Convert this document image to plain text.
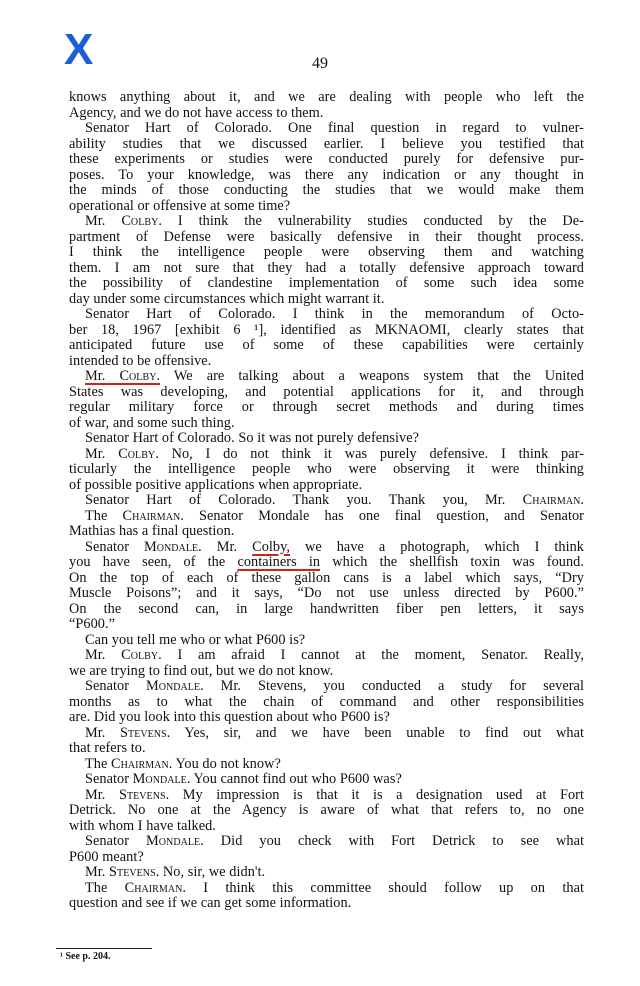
X	49
knows anything about it, and we are dealing with people who left the
Agency, and we do not have access to them.
Senator Hart of Colorado. One final question in regard to vulner-
ability studies that we discussed earlier. I believe you testified that
these experiments or studies were conducted purely for defensive pur-
poses. To your knowledge, was there any indication or any thought in
the minds of those conducting the studies that we would make them
operational or offensive at some time?
Mr. Colby. I think the vulnerability studies conducted by the De-
partment of Defense were basically defensive in their thought process.
I think the intelligence people were observing them and watching
them. I am not sure that they had a totally defensive approach toward
the possibility of clandestine implementation of some such idea some
day under some circumstances which might warrant it.
Senator Hart of Colorado. I think in the memorandum of Octo-
ber 18, 1967 [exhibit 6 ¹], identified as MKNAOMI, clearly states that
anticipated future use of some of these capabilities were certainly
intended to be offensive.
Mr. Colby. We are talking about a weapons system that the United
States was developing, and potential applications for it, and through
regular military force or through secret methods and during times
of war, and some such thing.
Senator Hart of Colorado. So it was not purely defensive?
Mr. Colby. No, I do not think it was purely defensive. I think par-
ticularly the intelligence people who were observing it were thinking
of possible positive applications when appropriate.
Senator Hart of Colorado. Thank you. Thank you, Mr. Chairman.
The Chairman. Senator Mondale has one final question, and Senator
Mathias has a final question.
Senator Mondale. Mr. Colby, we have a photograph, which I think
you have seen, of the containers in which the shellfish toxin was found.
On the top of each of these gallon cans is a label which says, “Dry
Muscle Poisons”; and it says, “Do not use unless directed by P600.”
On the second can, in large handwritten fiber pen letters, it says
“P600.”
Can you tell me who or what P600 is?
Mr. Colby. I am afraid I cannot at the moment, Senator. Really,
we are trying to find out, but we do not know.
Senator Mondale. Mr. Stevens, you conducted a study for several
months as to what the chain of command and other responsibilities
are. Did you look into this question about who P600 is?
Mr. Stevens. Yes, sir, and we have been unable to find out what
that refers to.
The Chairman. You do not know?
Senator Mondale. You cannot find out who P600 was?
Mr. Stevens. My impression is that it is a designation used at Fort
Detrick. No one at the Agency is aware of what that refers to, no one
with whom I have talked.
Senator Mondale. Did you check with Fort Detrick to see what
P600 meant?
Mr. Stevens. No, sir, we didn't.
The Chairman. I think this committee should follow up on that
question and see if we can get some information.
¹ See p. 204.
